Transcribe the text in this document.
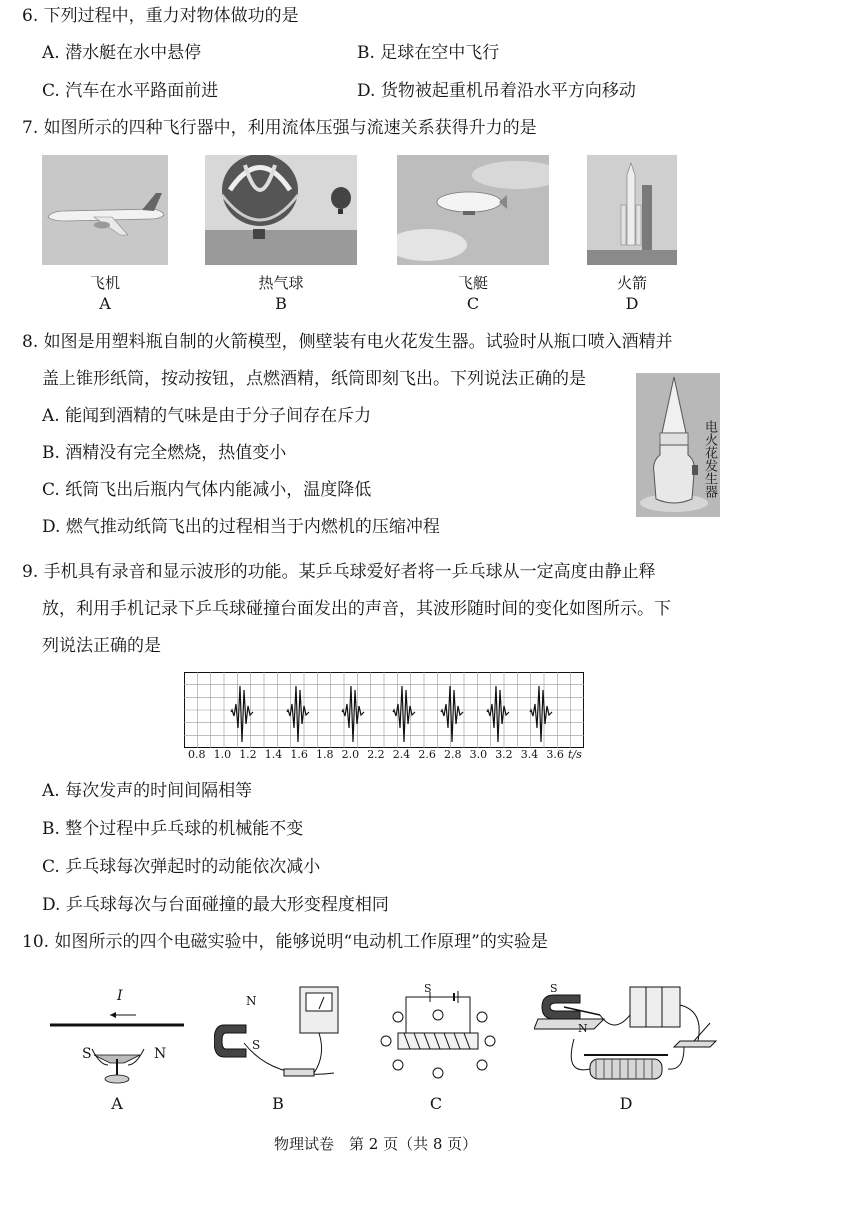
6. 下列过程中，重力对物体做功的是
A. 潜水艇在水中悬停	B. 足球在空中飞行
C. 汽车在水平路面前进	D. 货物被起重机吊着沿水平方向移动
7. 如图所示的四种飞行器中，利用流体压强与流速关系获得升力的是
飞机	热气球	飞艇	火箭
A	B	C	D
8. 如图是用塑料瓶自制的火箭模型，侧壁装有电火花发生器。试验时从瓶口喷入酒精并
盖上锥形纸筒，按动按钮，点燃酒精，纸筒即刻飞出。下列说法正确的是
A. 能闻到酒精的气味是由于分子间存在斥力
B. 酒精没有完全燃烧，热值变小
C. 纸筒飞出后瓶内气体内能减小，温度降低
D. 燃气推动纸筒飞出的过程相当于内燃机的压缩冲程
电火花发生器
9. 手机具有录音和显示波形的功能。某乒乓球爱好者将一乒乓球从一定高度由静止释
放，利用手机记录下乒乓球碰撞台面发出的声音，其波形随时间的变化如图所示。下
列说法正确的是
0.8 1.0 1.2 1.4 1.6 1.8 2.0 2.2 2.4 2.6 2.8 3.0 3.2 3.4 3.6 t/s
A. 每次发声的时间间隔相等
B. 整个过程中乒乓球的机械能不变
C. 乒乓球每次弹起时的动能依次减小
D. 乒乓球每次与台面碰撞的最大形变程度相同
10. 如图所示的四个电磁实验中，能够说明“电动机工作原理”的实验是
I
S	N
N
S
S	S
N
A	B	C	D
物理试卷　第 2 页（共 8 页）
